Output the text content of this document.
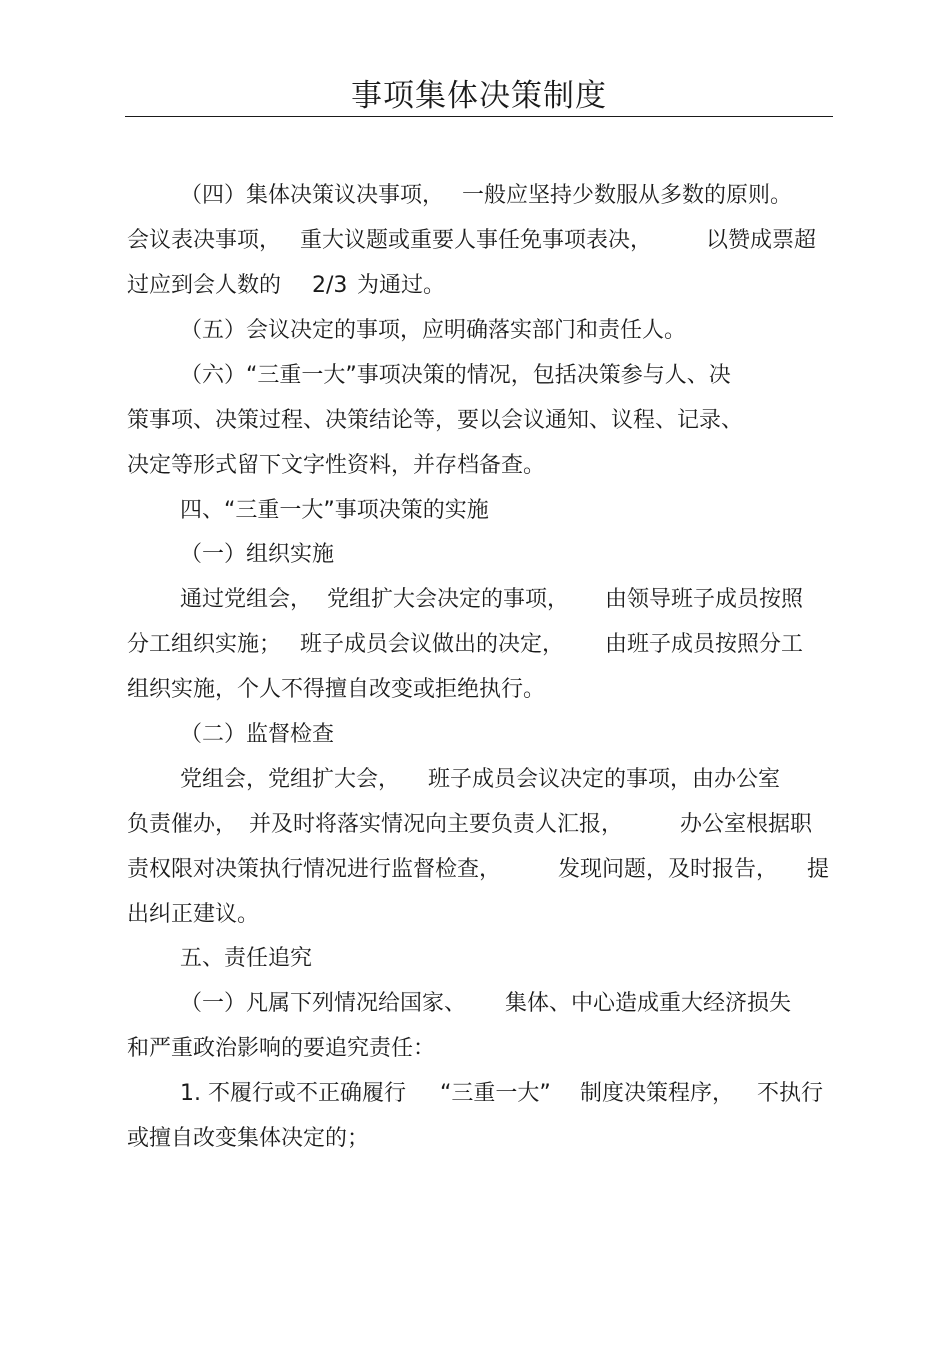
事项集体决策制度
（四）集体决策议决事项， 一般应坚持少数服从多数的原则。
会议表决事项， 重大议题或重要人事任免事项表决， 以赞成票超
过应到会人数的 2/3 为通过。
（五）会议决定的事项，应明确落实部门和责任人。
（六）“三重一大”事项决策的情况，包括决策参与人、决
策事项、决策过程、决策结论等，要以会议通知、议程、记录、
决定等形式留下文字性资料，并存档备查。
四、“三重一大”事项决策的实施
（一）组织实施
通过党组会， 党组扩大会决定的事项， 由领导班子成员按照
分工组织实施； 班子成员会议做出的决定， 由班子成员按照分工
组织实施，个人不得擅自改变或拒绝执行。
（二）监督检查
党组会，党组扩大会， 班子成员会议决定的事项，由办公室
负责催办， 并及时将落实情况向主要负责人汇报，	办公室根据职
责权限对决策执行情况进行监督检查，	发现问题，及时报告， 提
出纠正建议。
五、责任追究
（一）凡属下列情况给国家、 集体、中心造成重大经济损失
和严重政治影响的要追究责任：
1. 不履行或不正确履行 “三重一大” 制度决策程序， 不执行
或擅自改变集体决定的；
